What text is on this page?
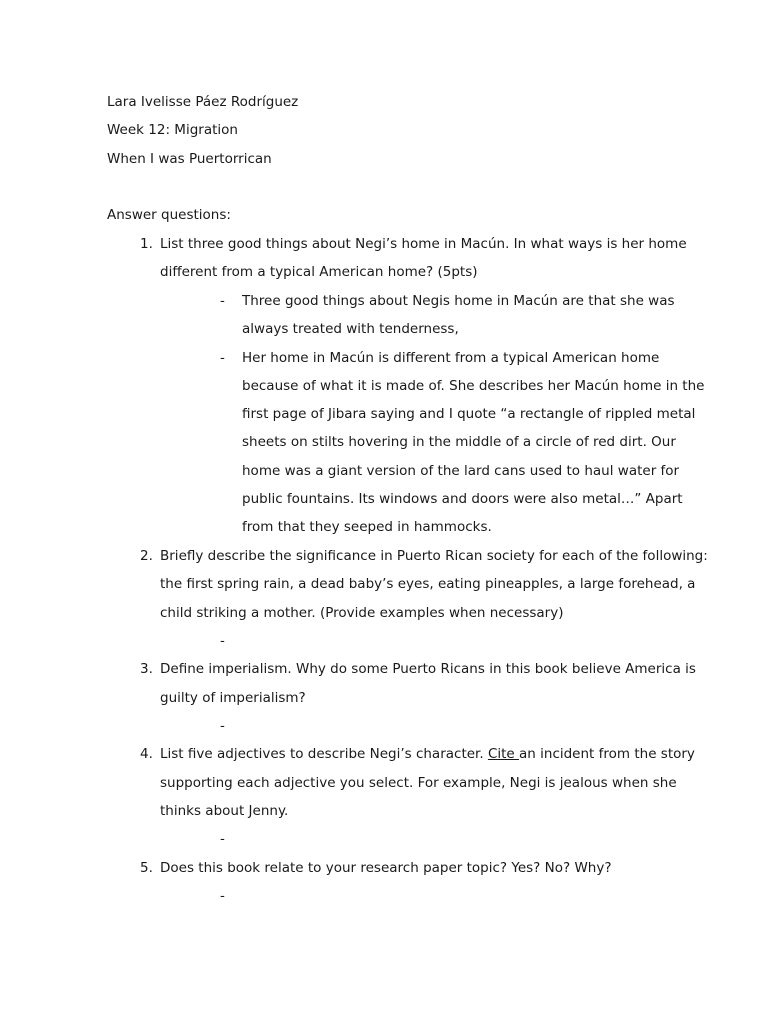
Lara Ivelisse Páez Rodríguez
Week 12: Migration
When I was Puertorrican
Answer questions:
1. List three good things about Negi’s home in Macún. In what ways is her home
different from a typical American home? (5pts)
- Three good things about Negis home in Macún are that she was
always treated with tenderness,
- Her home in Macún is different from a typical American home
because of what it is made of. She describes her Macún home in the
first page of Jibara saying and I quote “a rectangle of rippled metal
sheets on stilts hovering in the middle of a circle of red dirt. Our
home was a giant version of the lard cans used to haul water for
public fountains. Its windows and doors were also metal…” Apart
from that they seeped in hammocks.
2. Briefly describe the significance in Puerto Rican society for each of the following:
the first spring rain, a dead baby’s eyes, eating pineapples, a large forehead, a
child striking a mother. (Provide examples when necessary)
-
3. Define imperialism. Why do some Puerto Ricans in this book believe America is
guilty of imperialism?
-
4. List five adjectives to describe Negi’s character. Cite an incident from the story
supporting each adjective you select. For example, Negi is jealous when she
thinks about Jenny.
-
5. Does this book relate to your research paper topic? Yes? No? Why?
-
